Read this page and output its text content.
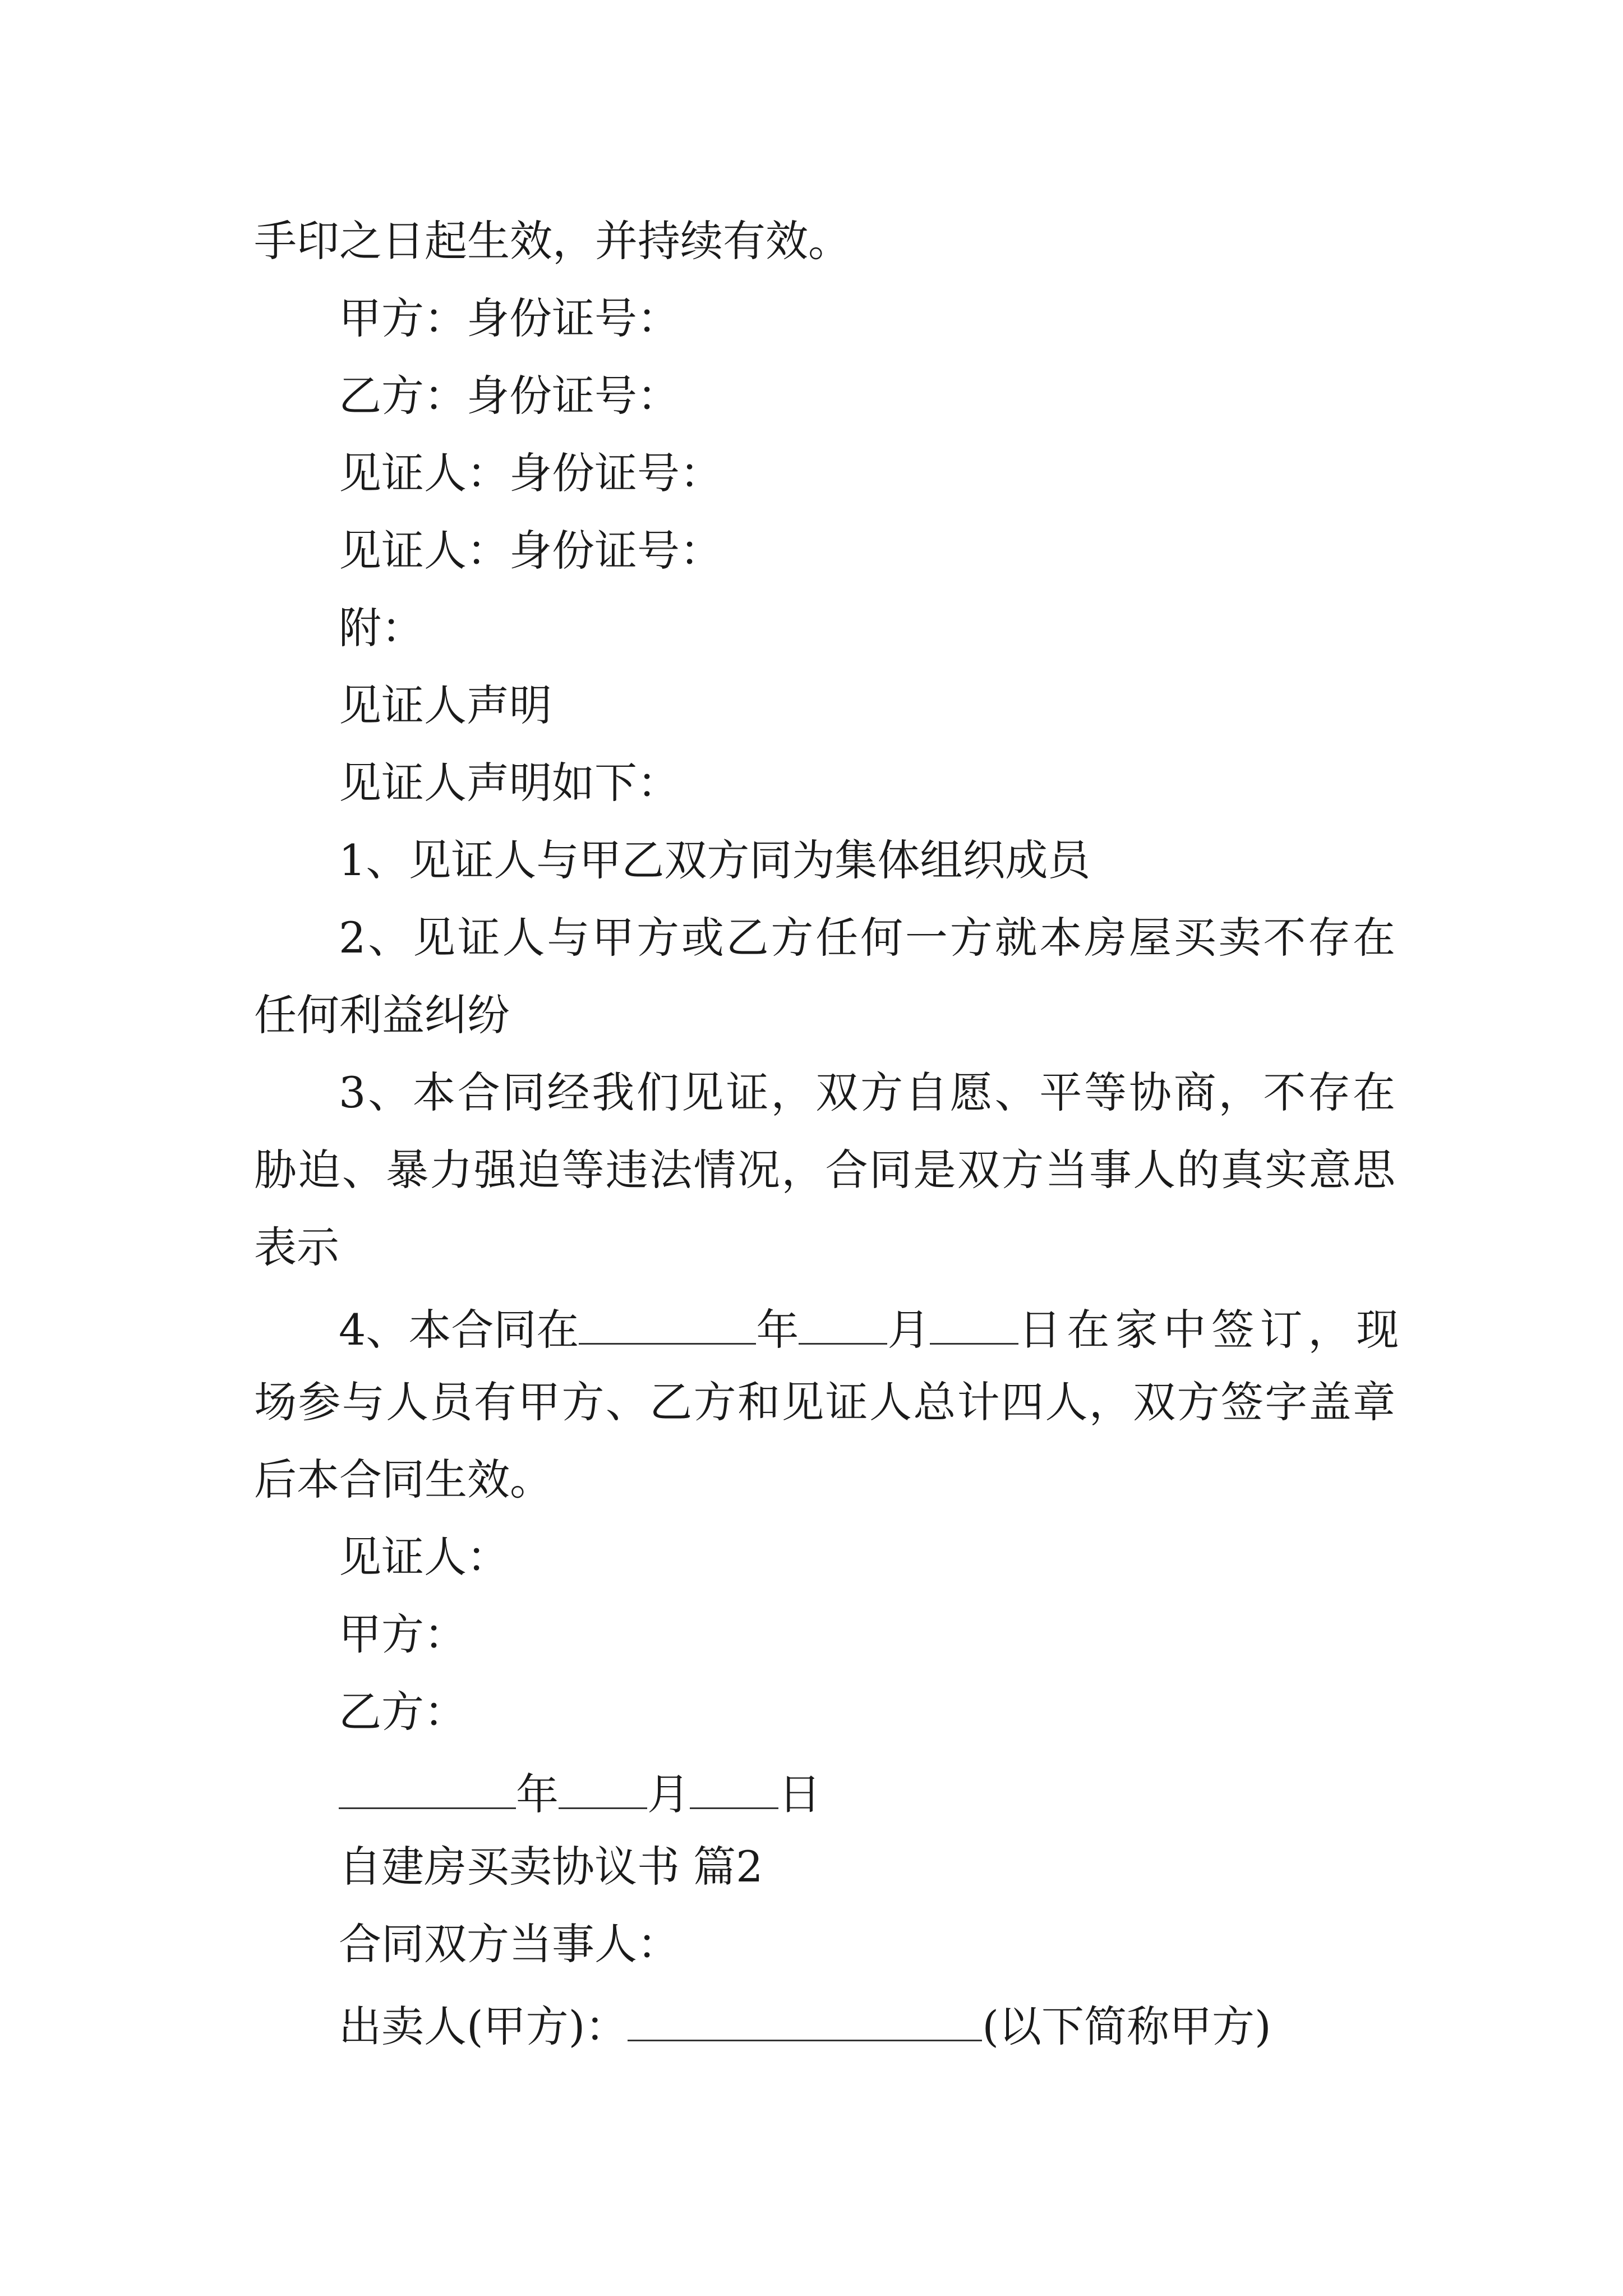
手印之日起生效，并持续有效。
甲方：身份证号：
乙方：身份证号：
见证人：身份证号：
见证人：身份证号：
附：
见证人声明
见证人声明如下：
1、见证人与甲乙双方同为集体组织成员
2、见证人与甲方或乙方任何一方就本房屋买卖不存在
任何利益纠纷
3、本合同经我们见证，双方自愿、平等协商，不存在
胁迫、暴力强迫等违法情况，合同是双方当事人的真实意思
表示
4、本合同在	年 月 日在家中签订，现
场参与人员有甲方、乙方和见证人总计四人，双方签字盖章
后本合同生效。
见证人：
甲方：
乙方：
年 月 日
自建房买卖协议书 篇2
合同双方当事人：
出卖人(甲方)：	(以下简称甲方)
